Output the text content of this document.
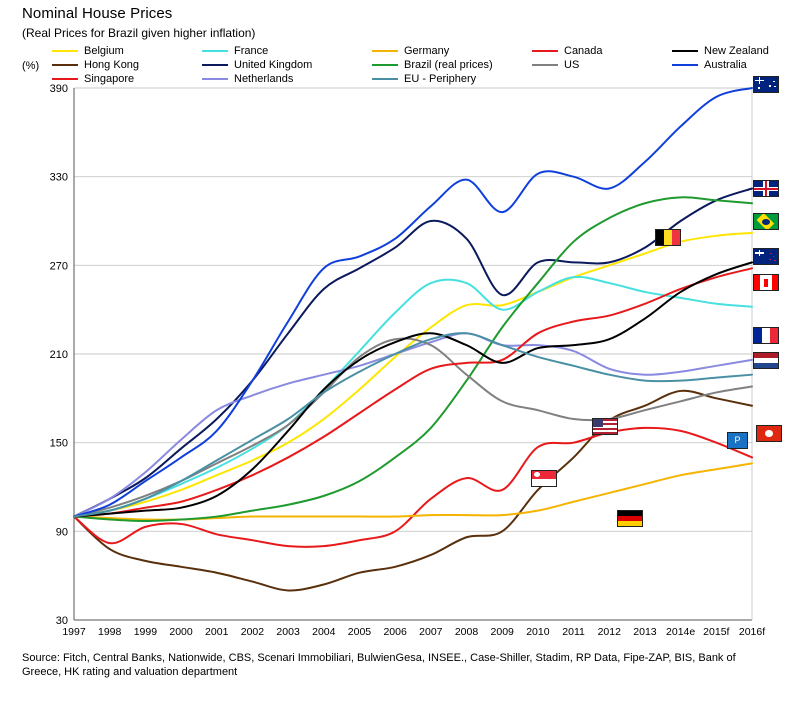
Nominal House Prices
(Real Prices for Brazil given higher inflation)
Belgium	France	Germany	Canada	New Zealand
Hong Kong	United Kingdom	Brazil (real prices)	US	Australia
Singapore	Netherlands	EU - Periphery
(%)
30
90
150
210
270
330
390
1997 1998 1999 2000 2001 2002 2003 2004 2005 2006 2007 2008 2009 2010 2011 2012 2013 2014e 2015f 2016f
Source: Fitch, Central Banks, Nationwide, CBS, Scenari Immobiliari, BulwienGesa, INSEE., Case-Shiller, Stadim, RP Data, Fipe-ZAP, BIS, Bank of
Greece, HK rating and valuation department
P
